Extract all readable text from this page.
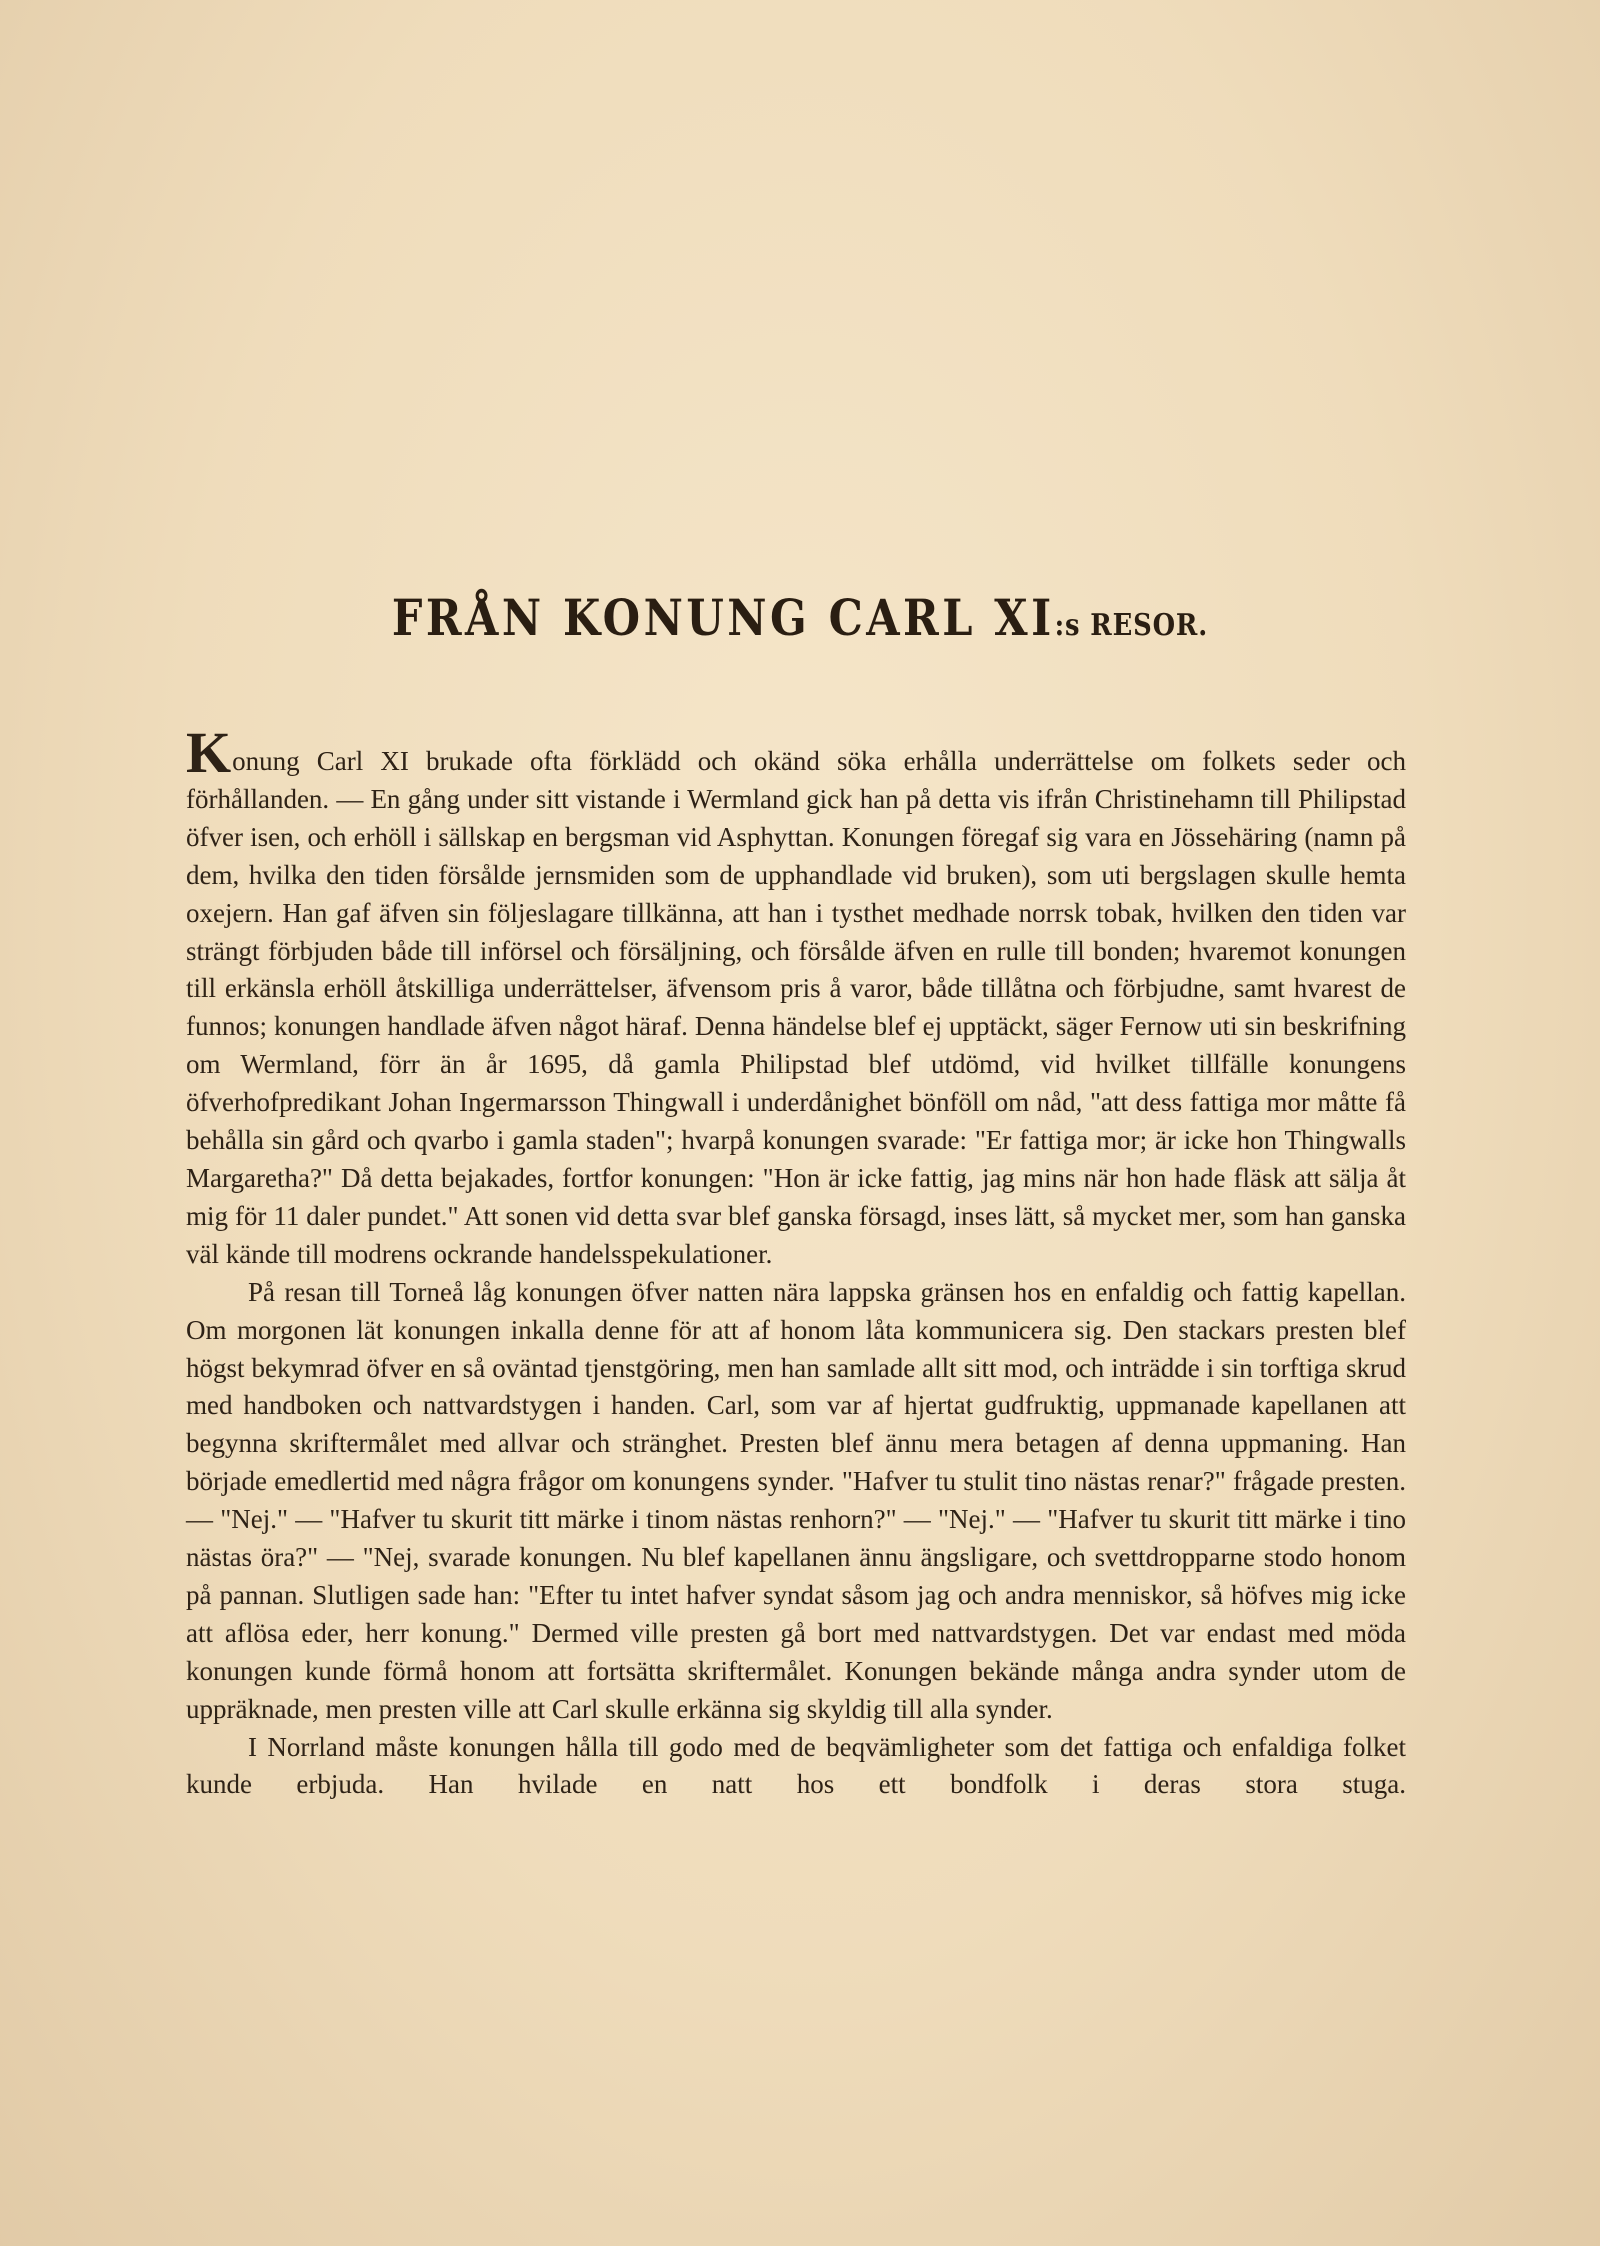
FRÅN KONUNG CARL XI:s RESOR.

Konung Carl XI brukade ofta förklädd och okänd söka erhålla underrättelse om folkets seder och förhållanden. — En gång under sitt vistande i Wermland gick han på detta vis ifrån Christinehamn till Philipstad öfver isen, och erhöll i sällskap en bergsman vid Asphyttan. Konungen föregaf sig vara en Jössehäring (namn på dem, hvilka den tiden försålde jernsmiden som de upphandlade vid bruken), som uti bergslagen skulle hemta oxejern. Han gaf äfven sin följeslagare tillkänna, att han i tysthet medhade norrsk tobak, hvilken den tiden var strängt förbjuden både till införsel och försäljning, och försålde äfven en rulle till bonden; hvaremot konungen till erkänsla erhöll åtskilliga underrättelser, äfvensom pris å varor, både tillåtna och förbjudne, samt hvarest de funnos; konungen handlade äfven något häraf. Denna händelse blef ej upptäckt, säger Fernow uti sin beskrifning om Wermland, förr än år 1695, då gamla Philipstad blef utdömd, vid hvilket tillfälle konungens öfverhofpredikant Johan Ingermarsson Thingwall i underdånighet bönföll om nåd, "att dess fattiga mor måtte få behålla sin gård och qvarbo i gamla staden"; hvarpå konungen svarade: "Er fattiga mor; är icke hon Thingwalls Margaretha?" Då detta bejakades, fortfor konungen: "Hon är icke fattig, jag mins när hon hade fläsk att sälja åt mig för 11 daler pundet." Att sonen vid detta svar blef ganska försagd, inses lätt, så mycket mer, som han ganska väl kände till modrens ockrande handelsspekulationer.

På resan till Torneå låg konungen öfver natten nära lappska gränsen hos en enfaldig och fattig kapellan. Om morgonen lät konungen inkalla denne för att af honom låta kommunicera sig. Den stackars presten blef högst bekymrad öfver en så oväntad tjenstgöring, men han samlade allt sitt mod, och inträdde i sin torftiga skrud med handboken och nattvardstygen i handen. Carl, som var af hjertat gudfruktig, uppmanade kapellanen att begynna skriftermålet med allvar och stränghet. Presten blef ännu mera betagen af denna uppmaning. Han började emedlertid med några frågor om konungens synder. "Hafver tu stulit tino nästas renar?" frågade presten. — "Nej." — "Hafver tu skurit titt märke i tinom nästas renhorn?" — "Nej." — "Hafver tu skurit titt märke i tino nästas öra?" — "Nej, svarade konungen. Nu blef kapellanen ännu ängsligare, och svettdropparne stodo honom på pannan. Slutligen sade han: "Efter tu intet hafver syndat såsom jag och andra menniskor, så höfves mig icke att aflösa eder, herr konung." Dermed ville presten gå bort med nattvardstygen. Det var endast med möda konungen kunde förmå honom att fortsätta skriftermålet. Konungen bekände många andra synder utom de uppräknade, men presten ville att Carl skulle erkänna sig skyldig till alla synder.

I Norrland måste konungen hålla till godo med de beqvämligheter som det fattiga och enfaldiga folket kunde erbjuda. Han hvilade en natt hos ett bondfolk i deras stora stuga.
